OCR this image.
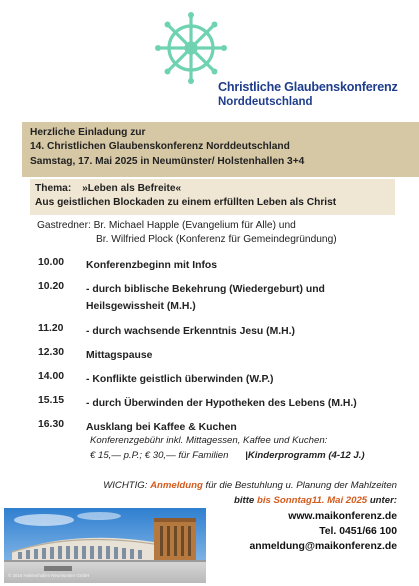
Christliche Glaubenskonferenz
Norddeutschland
Herzliche Einladung zur
14. Christlichen Glaubenskonferenz Norddeutschland
Samstag, 17. Mai 2025 in Neumünster/ Holstenhallen 3+4
Thema: »Leben als Befreite«
Aus geistlichen Blockaden zu einem erfüllten Leben als Christ
Gastredner: Br. Michael Happle (Evangelium für Alle) und
Br. Wilfried Plock (Konferenz für Gemeindegründung)
10.00 Konferenzbeginn mit Infos
10.20 - durch biblische Bekehrung (Wiedergeburt) und
Heilsgewissheit (M.H.)
11.20 - durch wachsende Erkenntnis Jesu (M.H.)
12.30 Mittagspause
14.00 - Konflikte geistlich überwinden (W.P.)
15.15 - durch Überwinden der Hypotheken des Lebens (M.H.)
16.30 Ausklang bei Kaffee & Kuchen
Konferenzgebühr inkl. Mittagessen, Kaffee und Kuchen:
€ 15,— p.P.; € 30,— für Familien |Kinderprogramm (4-12 J.)
WICHTIG: Anmeldung für die Bestuhlung u. Planung der Mahlzeiten
bitte bis Sonntag11. Mai 2025 unter:
www.maikonferenz.de
Tel. 0451/66 100
anmeldung@maikonferenz.de
© 2016 Holstenhallen Neumünster GmbH
